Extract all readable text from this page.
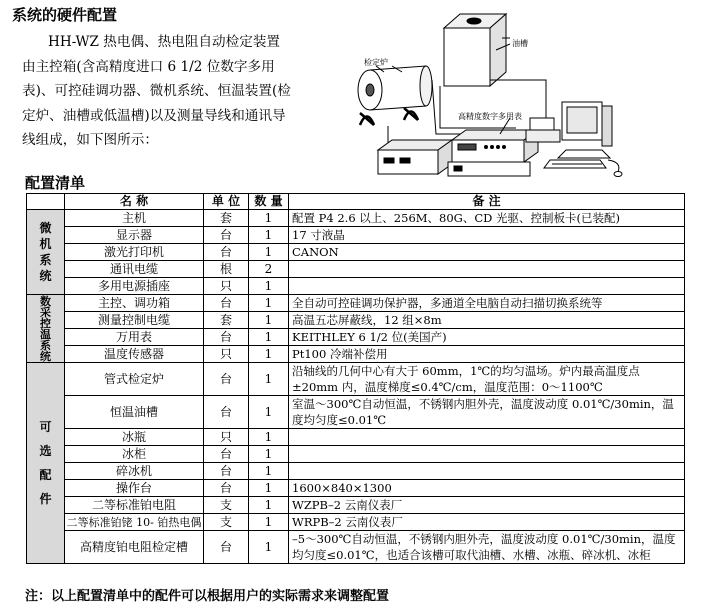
系统的硬件配置
HH-WZ 热电偶、热电阻自动检定装置
由主控箱(含高精度进口 6 1/2 位数字多用
表)、可控硅调功器、微机系统、恒温装置(检
定炉、油槽或低温槽)以及测量导线和通讯导
线组成，如下图所示：
检定炉
油槽
高精度数字多用表
配置清单
	名 称	单 位	数 量	备 注

微机系统	主机	套	1	配置 P4 2.6 以上、256M、80G、CD 光驱、控制板卡(已装配)
	显示器	台	1	17 寸液晶
	激光打印机	台	1	CANON
	通讯电缆	根	2	
	多用电源插座	只	1	

数采控温系统	主控、调功箱	台	1	全自动可控硅调功保护器，多通道全电脑自动扫描切换系统等
	测量控制电缆	套	1	高温五芯屏蔽线，12 组×8m
	万用表	台	1	KEITHLEY 6 1/2 位(美国产)
	温度传感器	只	1	Pt100 冷端补偿用

可选配件	管式检定炉	台	1	沿轴线的几何中心有大于 60mm，1℃的均匀温场。炉内最高温度点±20mm 内，温度梯度≤0.4℃/cm，温度范围：0～1100℃
	恒温油槽	台	1	室温～300℃自动恒温，不锈钢内胆外壳，温度波动度 0.01℃/30min，温度均匀度≤0.01℃
	冰瓶	只	1	
	冰柜	台	1	
	碎冰机	台	1	
	操作台	台	1	1600×840×1300
	二等标准铂电阻	支	1	WZPB–2 云南仪表厂
	二等标准铂铑 10- 铂热电偶	支	1	WRPB–2 云南仪表厂
	高精度铂电阻检定槽	台	1	–5～300℃自动恒温，不锈钢内胆外壳，温度波动度 0.01℃/30min，温度均匀度≤0.01℃，也适合该槽可取代油槽、水槽、冰瓶、碎冰机、冰柜
注：以上配置清单中的配件可以根据用户的实际需求来调整配置
